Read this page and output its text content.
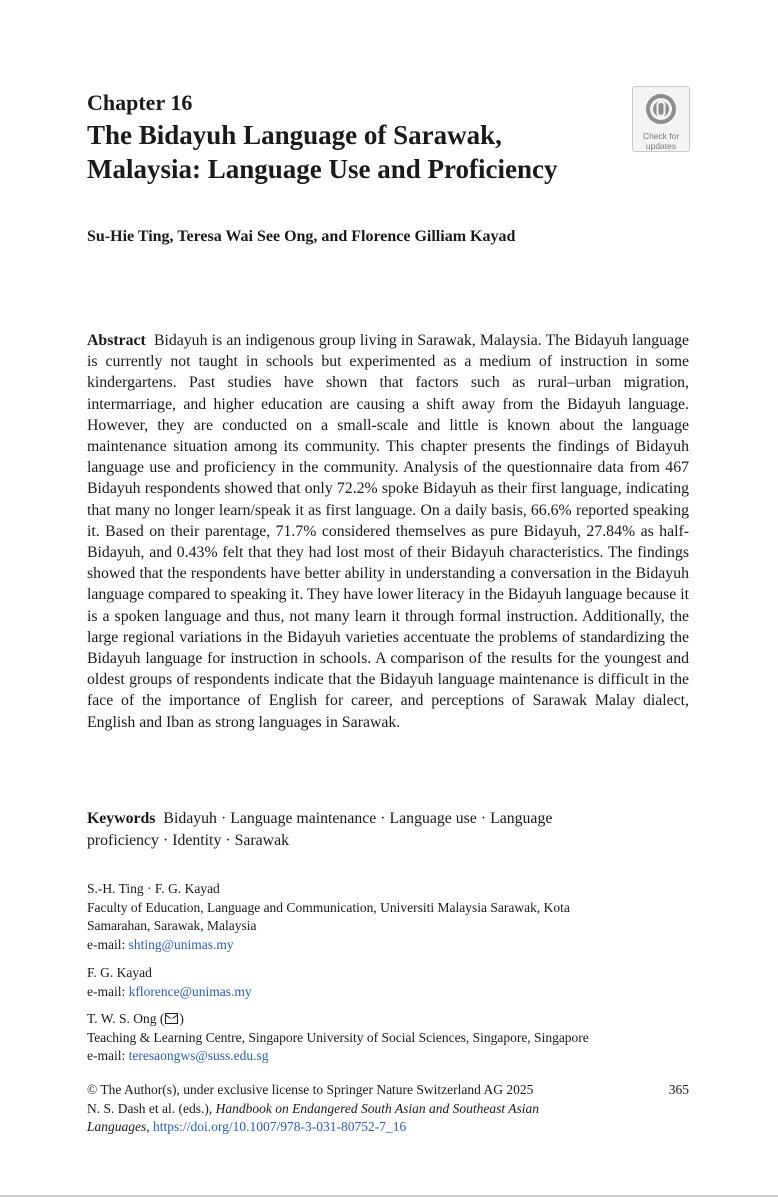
Chapter 16
The Bidayuh Language of Sarawak,
Malaysia: Language Use and Proficiency
Check for
updates
Su-Hie Ting, Teresa Wai See Ong, and Florence Gilliam Kayad
Abstract Bidayuh is an indigenous group living in Sarawak, Malaysia. The Bidayuh language is currently not taught in schools but experimented as a medium of instruction in some kindergartens. Past studies have shown that factors such as rural–urban migration, intermarriage, and higher education are causing a shift away from the Bidayuh language. However, they are conducted on a small-scale and little is known about the language maintenance situation among its community. This chapter presents the findings of Bidayuh language use and proficiency in the community. Analysis of the questionnaire data from 467 Bidayuh respondents showed that only 72.2% spoke Bidayuh as their first language, indicating that many no longer learn/​speak it as first language. On a daily basis, 66.6% reported speaking it. Based on their parentage, 71.7% considered themselves as pure Bidayuh, 27.84% as half-Bidayuh, and 0.43% felt that they had lost most of their Bidayuh characteristics. The findings showed that the respondents have better ability in understanding a conversation in the Bidayuh language compared to speaking it. They have lower literacy in the Bidayuh language because it is a spoken language and thus, not many learn it through formal instruction. Additionally, the large regional variations in the Bidayuh varieties accentuate the problems of standardizing the Bidayuh language for instruction in schools. A comparison of the results for the youngest and oldest groups of respondents indicate that the Bidayuh language maintenance is difficult in the face of the importance of English for career, and perceptions of Sarawak Malay dialect, English and Iban as strong languages in Sarawak.
Keywords Bidayuh · Language maintenance · Language use · Language
proficiency · Identity · Sarawak
S.-H. Ting · F. G. Kayad
Faculty of Education, Language and Communication, Universiti Malaysia Sarawak, Kota
Samarahan, Sarawak, Malaysia
e-mail: shting@unimas.my
F. G. Kayad
e-mail: kflorence@unimas.my
T. W. S. Ong ( )
Teaching & Learning Centre, Singapore University of Social Sciences, Singapore, Singapore
e-mail: teresaongws@suss.edu.sg
© The Author(s), under exclusive license to Springer Nature Switzerland AG 2025	365
N. S. Dash et al. (eds.), Handbook on Endangered South Asian and Southeast Asian
Languages, https://doi.org/10.1007/978-3-031-80752-7_16
